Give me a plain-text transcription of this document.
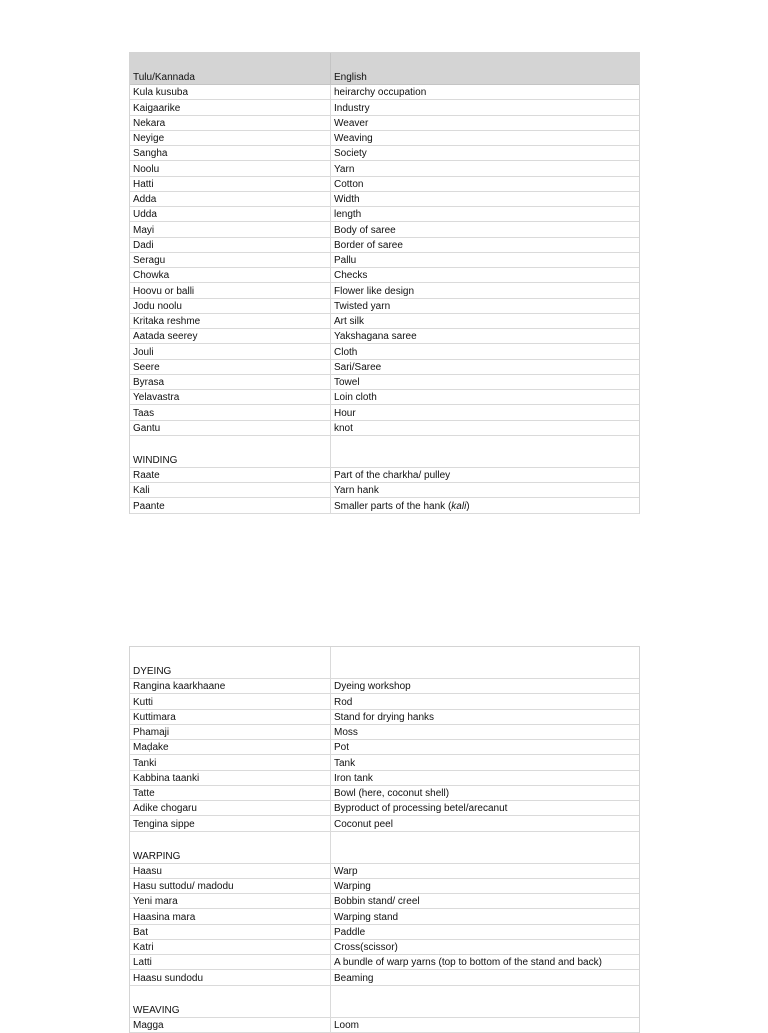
Tulu/Kannada	English
Kula kusuba	heirarchy occupation
Kaigaarike	Industry
Nekara	Weaver
Neyige	Weaving
Sangha	Society
Noolu	Yarn
Hatti	Cotton
Adda	Width
Udda	length
Mayi	Body of saree
Dadi	Border of saree
Seragu	Pallu
Chowka	Checks
Hoovu or balli	Flower like design
Jodu noolu	Twisted yarn
Kritaka reshme	Art silk
Aatada seerey	Yakshagana saree
Jouli	Cloth
Seere	Sari/Saree
Byrasa	Towel
Yelavastra	Loin cloth
Taas	Hour
Gantu	knot
WINDING
Raate	Part of the charkha/ pulley
Kali	Yarn hank
Paante	Smaller parts of the hank ( kali )
DYEING
Rangina kaarkhaane	Dyeing workshop
Kutti	Rod
Kuttimara	Stand for drying hanks
Phamaji	Moss
Maḍake	Pot
Tanki	Tank
Kabbina taanki	Iron tank
Tatte	Bowl (here, coconut shell)
Adike chogaru	Byproduct of processing betel/arecanut
Tengina sippe	Coconut peel
WARPING
Haasu	Warp
Hasu suttodu/ madodu	Warping
Yeni mara	Bobbin stand/ creel
Haasina mara	Warping stand
Bat	Paddle
Katri	Cross(scissor)
Latti	A bundle of warp yarns (top to bottom of the stand and back)
Haasu sundodu	Beaming
WEAVING
Magga	Loom
